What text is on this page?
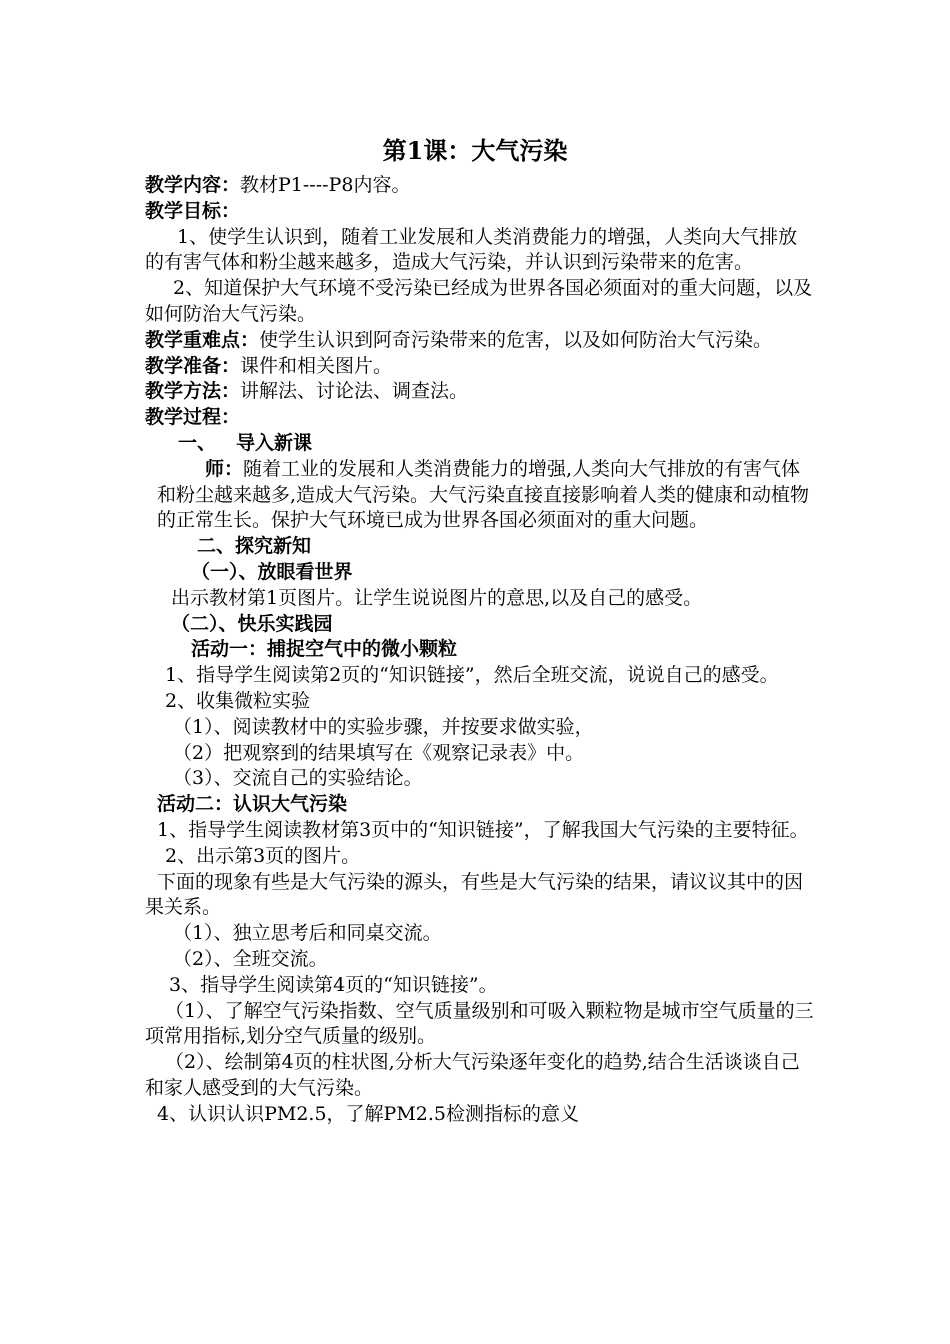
第1课：大气污染

教学内容：教材P1----P8内容。

教学目标：

1、使学生认识到，随着工业发展和人类消费能力的增强，人类向大气排放的有害气体和粉尘越来越多，造成大气污染，并认识到污染带来的危害。

2、知道保护大气环境不受污染已经成为世界各国必须面对的重大问题，以及如何防治大气污染。

教学重难点：使学生认识到阿奇污染带来的危害，以及如何防治大气污染。

教学准备：课件和相关图片。

教学方法：讲解法、讨论法、调查法。

教学过程：

一、 导入新课

师：随着工业的发展和人类消费能力的增强,人类向大气排放的有害气体和粉尘越来越多,造成大气污染。大气污染直接直接影响着人类的健康和动植物的正常生长。保护大气环境已成为世界各国必须面对的重大问题。

二、探究新知

（一）、放眼看世界

出示教材第1页图片。让学生说说图片的意思,以及自己的感受。

（二）、快乐实践园

活动一：捕捉空气中的微小颗粒

1、指导学生阅读第2页的“知识链接”，然后全班交流，说说自己的感受。

2、收集微粒实验

（1）、阅读教材中的实验步骤，并按要求做实验，

（2）把观察到的结果填写在《观察记录表》中。

（3）、交流自己的实验结论。

活动二：认识大气污染

1、指导学生阅读教材第3页中的“知识链接”，了解我国大气污染的主要特征。

2、出示第3页的图片。

下面的现象有些是大气污染的源头，有些是大气污染的结果，请议议其中的因果关系。

（1）、独立思考后和同桌交流。

（2）、全班交流。

3、指导学生阅读第4页的“知识链接”。

（1）、了解空气污染指数、空气质量级别和可吸入颗粒物是城市空气质量的三项常用指标,划分空气质量的级别。

（2）、绘制第4页的柱状图,分析大气污染逐年变化的趋势,结合生活谈谈自己和家人感受到的大气污染。

4、认识认识PM2.5，了解PM2.5检测指标的意义
